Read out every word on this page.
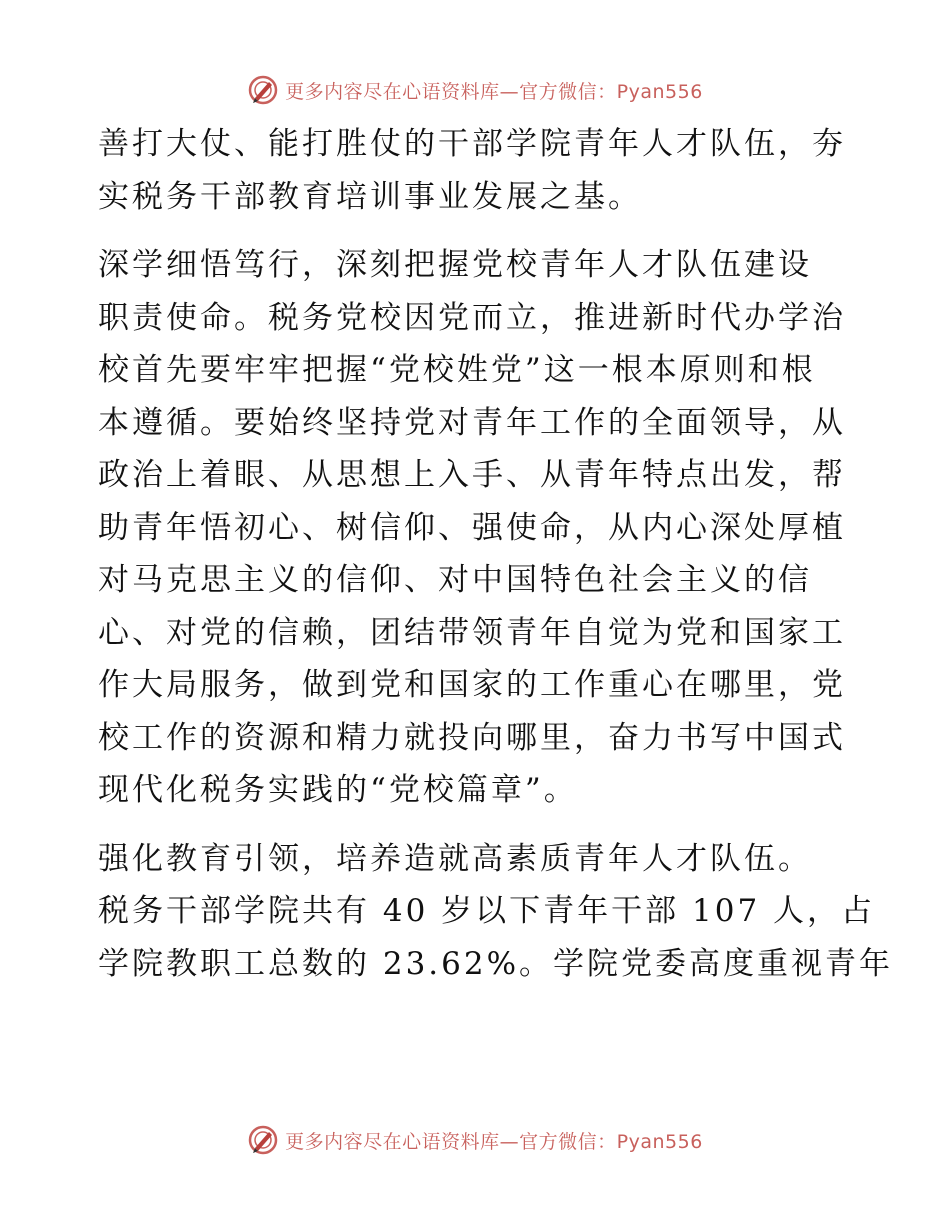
更多内容尽在心语资料库—官方微信：Pyan556
善打大仗、能打胜仗的干部学院青年人才队伍，夯
实税务干部教育培训事业发展之基。
深学细悟笃行，深刻把握党校青年人才队伍建设
职责使命。税务党校因党而立，推进新时代办学治
校首先要牢牢把握“党校姓党”这一根本原则和根
本遵循。要始终坚持党对青年工作的全面领导，从
政治上着眼、从思想上入手、从青年特点出发，帮
助青年悟初心、树信仰、强使命，从内心深处厚植
对马克思主义的信仰、对中国特色社会主义的信
心、对党的信赖，团结带领青年自觉为党和国家工
作大局服务，做到党和国家的工作重心在哪里，党
校工作的资源和精力就投向哪里，奋力书写中国式
现代化税务实践的“党校篇章”。
强化教育引领，培养造就高素质青年人才队伍。
税务干部学院共有 40 岁以下青年干部 107 人，占
学院教职工总数的 23.62%。学院党委高度重视青年
更多内容尽在心语资料库—官方微信：Pyan556
